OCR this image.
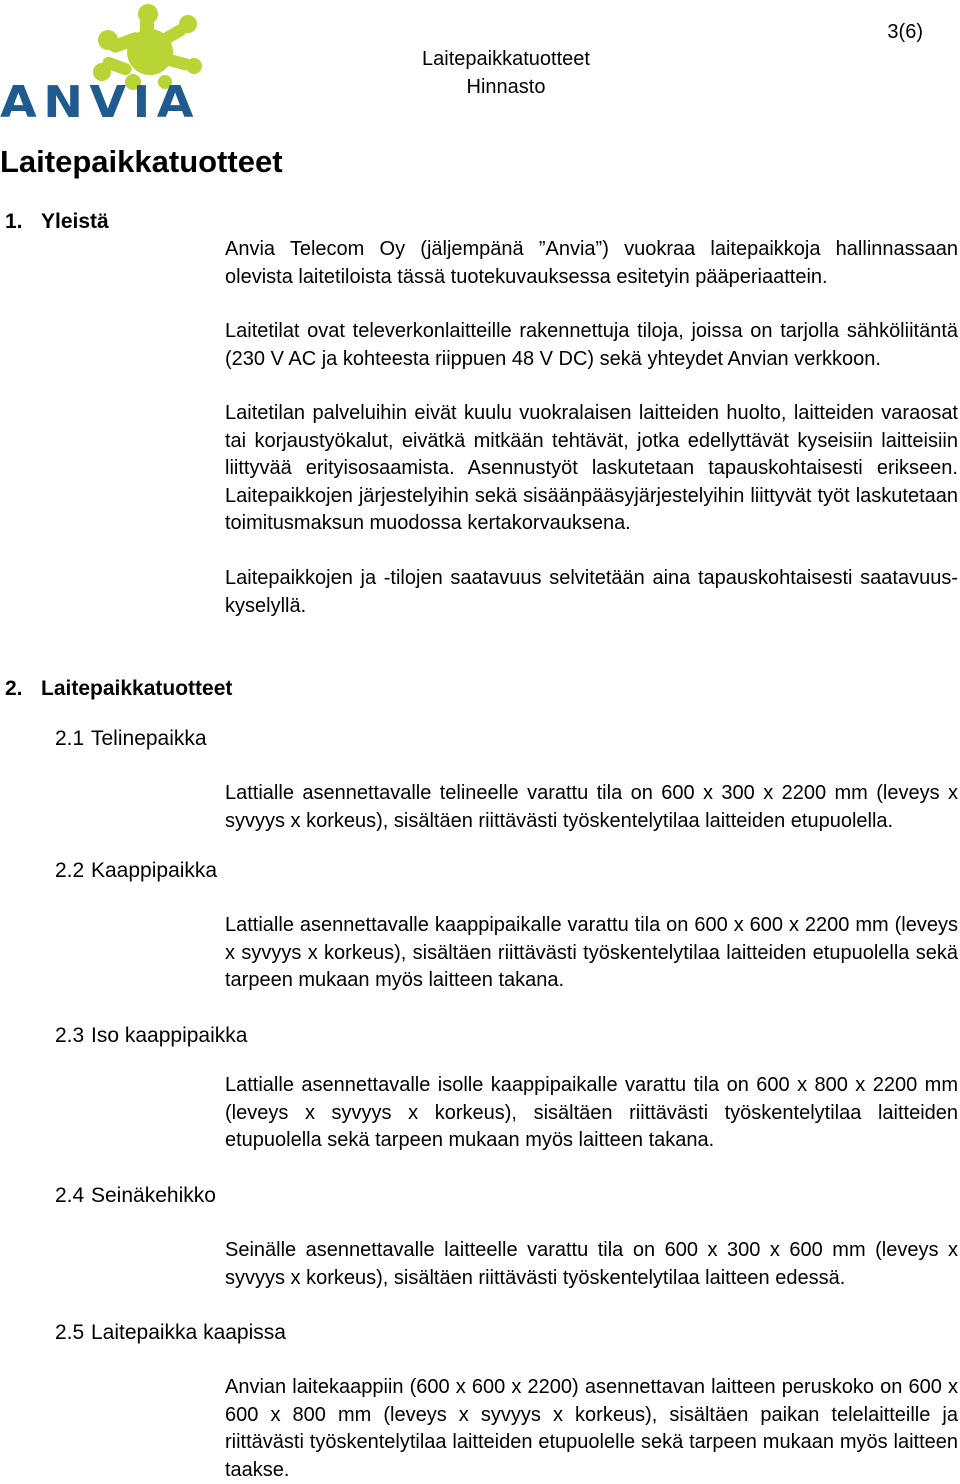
ANVIA
Laitepaikkatuotteet
Hinnasto
3(6)
Laitepaikkatuotteet
1. Yleistä

Anvia Telecom Oy (jäljempänä ”Anvia”) vuokraa laitepaikkoja hallinnassaan olevista laitetiloista tässä tuotekuvauksessa esitetyin pääperiaattein.

Laitetilat ovat televerkonlaitteille rakennettuja tiloja, joissa on tarjolla sähköliitäntä (230 V AC ja kohteesta riippuen 48 V DC) sekä yhteydet Anvian verkkoon.

Laitetilan palveluihin eivät kuulu vuokralaisen laitteiden huolto, laitteiden varaosat tai korjaustyökalut, eivätkä mitkään tehtävät, jotka edellyttävät kyseisiin laitteisiin liittyvää erityisosaamista. Asennustyöt laskutetaan tapauskohtaisesti erikseen. Laitepaikkojen järjestelyihin sekä sisäänpääsyjärjestelyihin liittyvät työt laskutetaan toimitusmaksun muodossa kertakorvauksena.

Laitepaikkojen ja -tilojen saatavuus selvitetään aina tapauskohtaisesti saatavuuskyselyllä.

2. Laitepaikkatuotteet
2.1 Telinepaikka

Lattialle asennettavalle telineelle varattu tila on 600 x 300 x 2200 mm (leveys x syvyys x korkeus), sisältäen riittävästi työskentelytilaa laitteiden etupuolella.

2.2 Kaappipaikka

Lattialle asennettavalle kaappipaikalle varattu tila on 600 x 600 x 2200 mm (leveys x syvyys x korkeus), sisältäen riittävästi työskentelytilaa laitteiden etupuolella sekä tarpeen mukaan myös laitteen takana.

2.3 Iso kaappipaikka

Lattialle asennettavalle isolle kaappipaikalle varattu tila on 600 x 800 x 2200 mm (leveys x syvyys x korkeus), sisältäen riittävästi työskentelytilaa laitteiden etupuolella sekä tarpeen mukaan myös laitteen takana.

2.4 Seinäkehikko

Seinälle asennettavalle laitteelle varattu tila on 600 x 300 x 600 mm (leveys x syvyys x korkeus), sisältäen riittävästi työskentelytilaa laitteen edessä.

2.5 Laitepaikka kaapissa

Anvian laitekaappiin (600 x 600 x 2200) asennettavan laitteen peruskoko on 600 x 600 x 800 mm (leveys x syvyys x korkeus), sisältäen paikan telelaitteille ja riittävästi työskentelytilaa laitteiden etupuolelle sekä tarpeen mukaan myös laitteen taakse.
